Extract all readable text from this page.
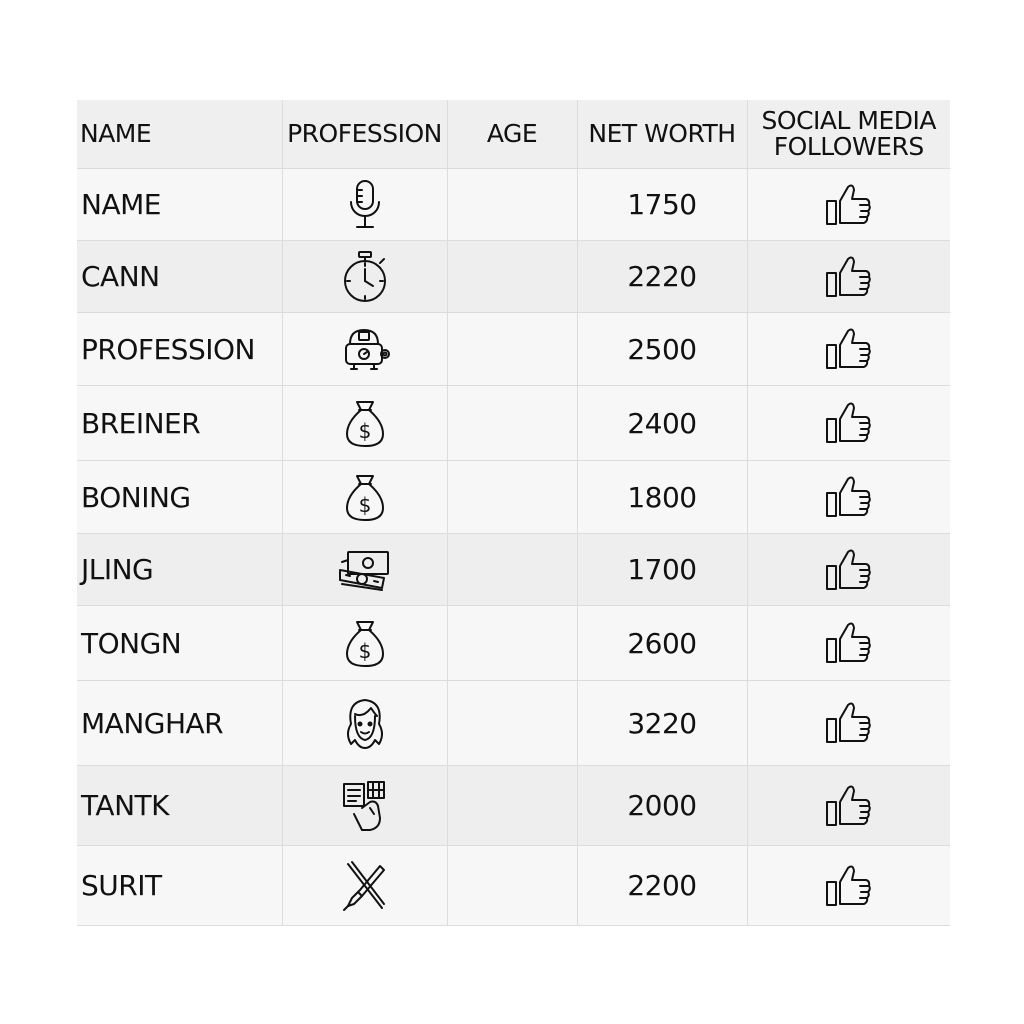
NAME	PROFESSION	AGE	NET WORTH	SOCIAL MEDIA
FOLLOWERS

NAME			1750	
CANN			2220	
PROFESSION			2500	
BREINER	$		2400	
BONING	$		1800	
JLING			1700	
TONGN	$		2600	
MANGHAR			3220	
TANTK			2000	
SURIT			2200	
